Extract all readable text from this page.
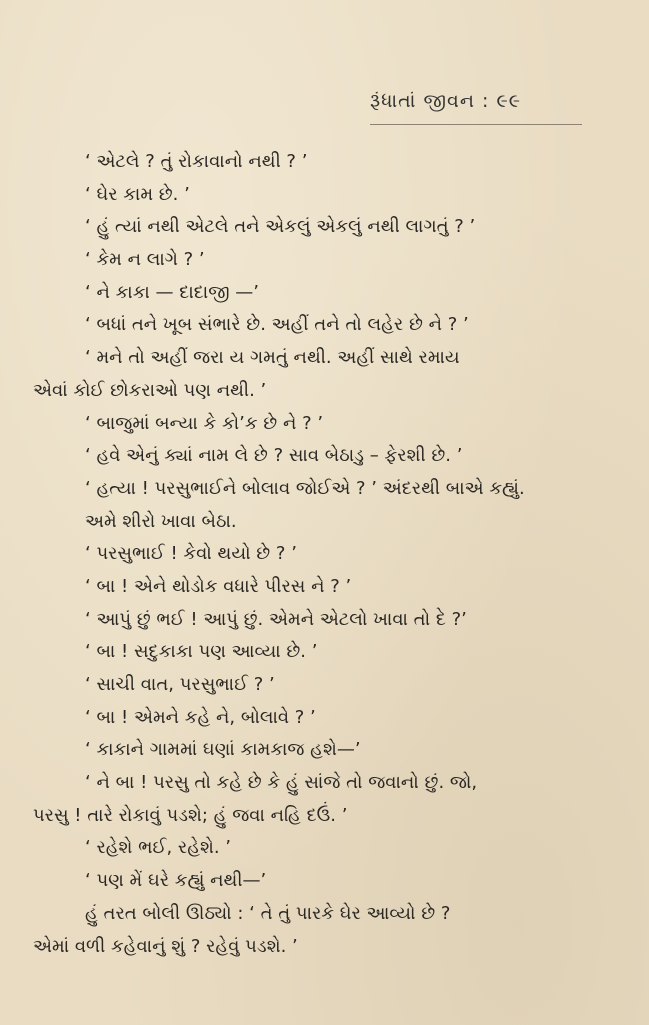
રૂંધાતાં જીવન : ૯૯
‘ એટલે ? તું રોકાવાનો નથી ? ’
‘ ઘેર કામ છે. ’
‘ હું ત્યાં નથી એટલે તને એકલું એકલું નથી લાગતું ? ’
‘ કેમ ન લાગે ? ’
‘ ને કાકા — દાદાજી —’
‘ બધાં તને ખૂબ સંભારે છે. અહીં તને તો લહેર છે ને ? ’
‘ મને તો અહીં જરા ય ગમતું નથી. અહીં સાથે રમાય
એવાં કોઈ છોકરાઓ પણ નથી. ’
‘ બાજુમાં બન્યા કે કો’ક છે ને ? ’
‘ હવે એનું ક્યાં નામ લે છે ? સાવ બેઠાડુ – ફેરશી છે. ’
‘ હત્યા ! પરસુભાઈને બોલાવ જોઈએ ? ’ અંદરથી બાએ કહ્યું.
અમે શીરો ખાવા બેઠા.
‘ પરસુભાઈ ! કેવો થયો છે ? ’
‘ બા ! એને થોડોક વધારે પીરસ ને ? ’
‘ આપું છું ભઈ ! આપું છું. એમને એટલો ખાવા તો દે ?’
‘ બા ! સદુકાકા પણ આવ્યા છે. ’
‘ સાચી વાત, પરસુભાઈ ? ’
‘ બા ! એમને કહે ને, બોલાવે ? ’
‘ કાકાને ગામમાં ઘણાં કામકાજ હશે—’
‘ ને બા ! પરસુ તો કહે છે કે હું સાંજે તો જવાનો છું. જો,
પરસુ ! તારે રોકાવું પડશે; હું જવા નહિ દઉં. ’
‘ રહેશે ભઈ, રહેશે. ’
‘ પણ મેં ઘરે કહ્યું નથી—’
હું તરત બોલી ઊઠ્યો : ‘ તે તું પારકે ઘેર આવ્યો છે ?
એમાં વળી કહેવાનું શું ? રહેવું પડશે. ’
